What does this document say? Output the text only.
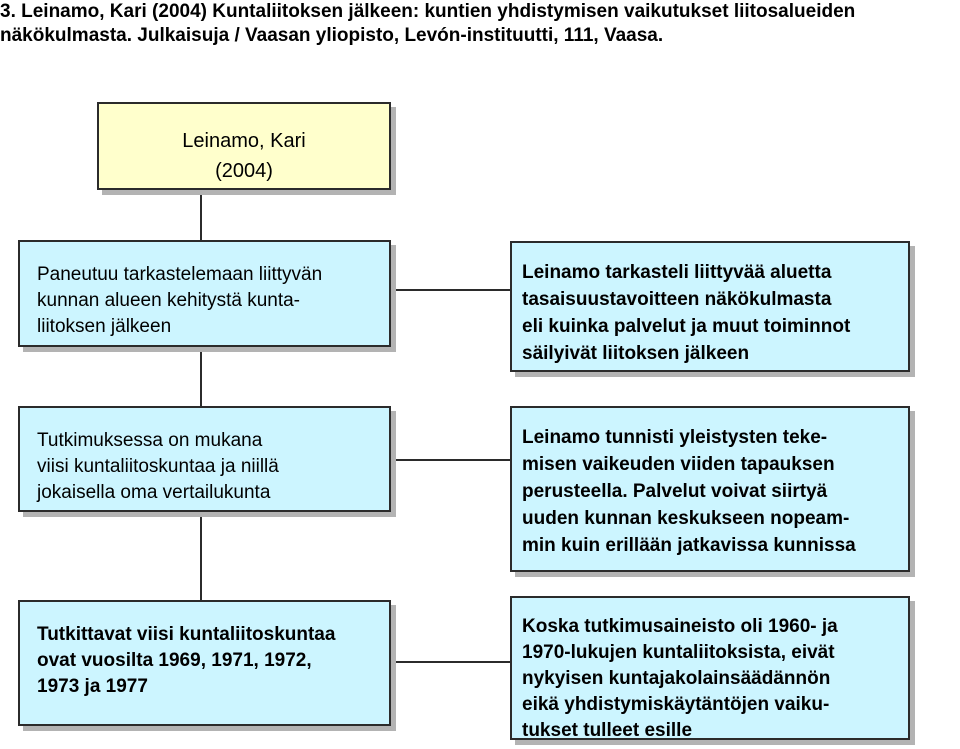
3. Leinamo, Kari (2004) Kuntaliitoksen jälkeen: kuntien yhdistymisen vaikutukset liitosalueiden
näkökulmasta. Julkaisuja / Vaasan yliopisto, Levón-instituutti, 111, Vaasa.
Leinamo, Kari
(2004)
Paneutuu tarkastelemaan liittyvän
kunnan alueen kehitystä kunta-
liitoksen jälkeen
Leinamo tarkasteli liittyvää aluetta
tasaisuustavoitteen näkökulmasta
eli kuinka palvelut ja muut toiminnot
säilyivät liitoksen jälkeen
Tutkimuksessa on mukana
viisi kuntaliitoskuntaa ja niillä
jokaisella oma vertailukunta
Leinamo tunnisti yleistysten teke-
misen vaikeuden viiden tapauksen
perusteella. Palvelut voivat siirtyä
uuden kunnan keskukseen nopeam-
min kuin erillään jatkavissa kunnissa
Tutkittavat viisi kuntaliitoskuntaa
ovat vuosilta 1969, 1971, 1972,
1973 ja 1977
Koska tutkimusaineisto oli 1960- ja
1970-lukujen kuntaliitoksista, eivät
nykyisen kuntajakolainsäädännön
eikä yhdistymiskäytäntöjen vaiku-
tukset tulleet esille
